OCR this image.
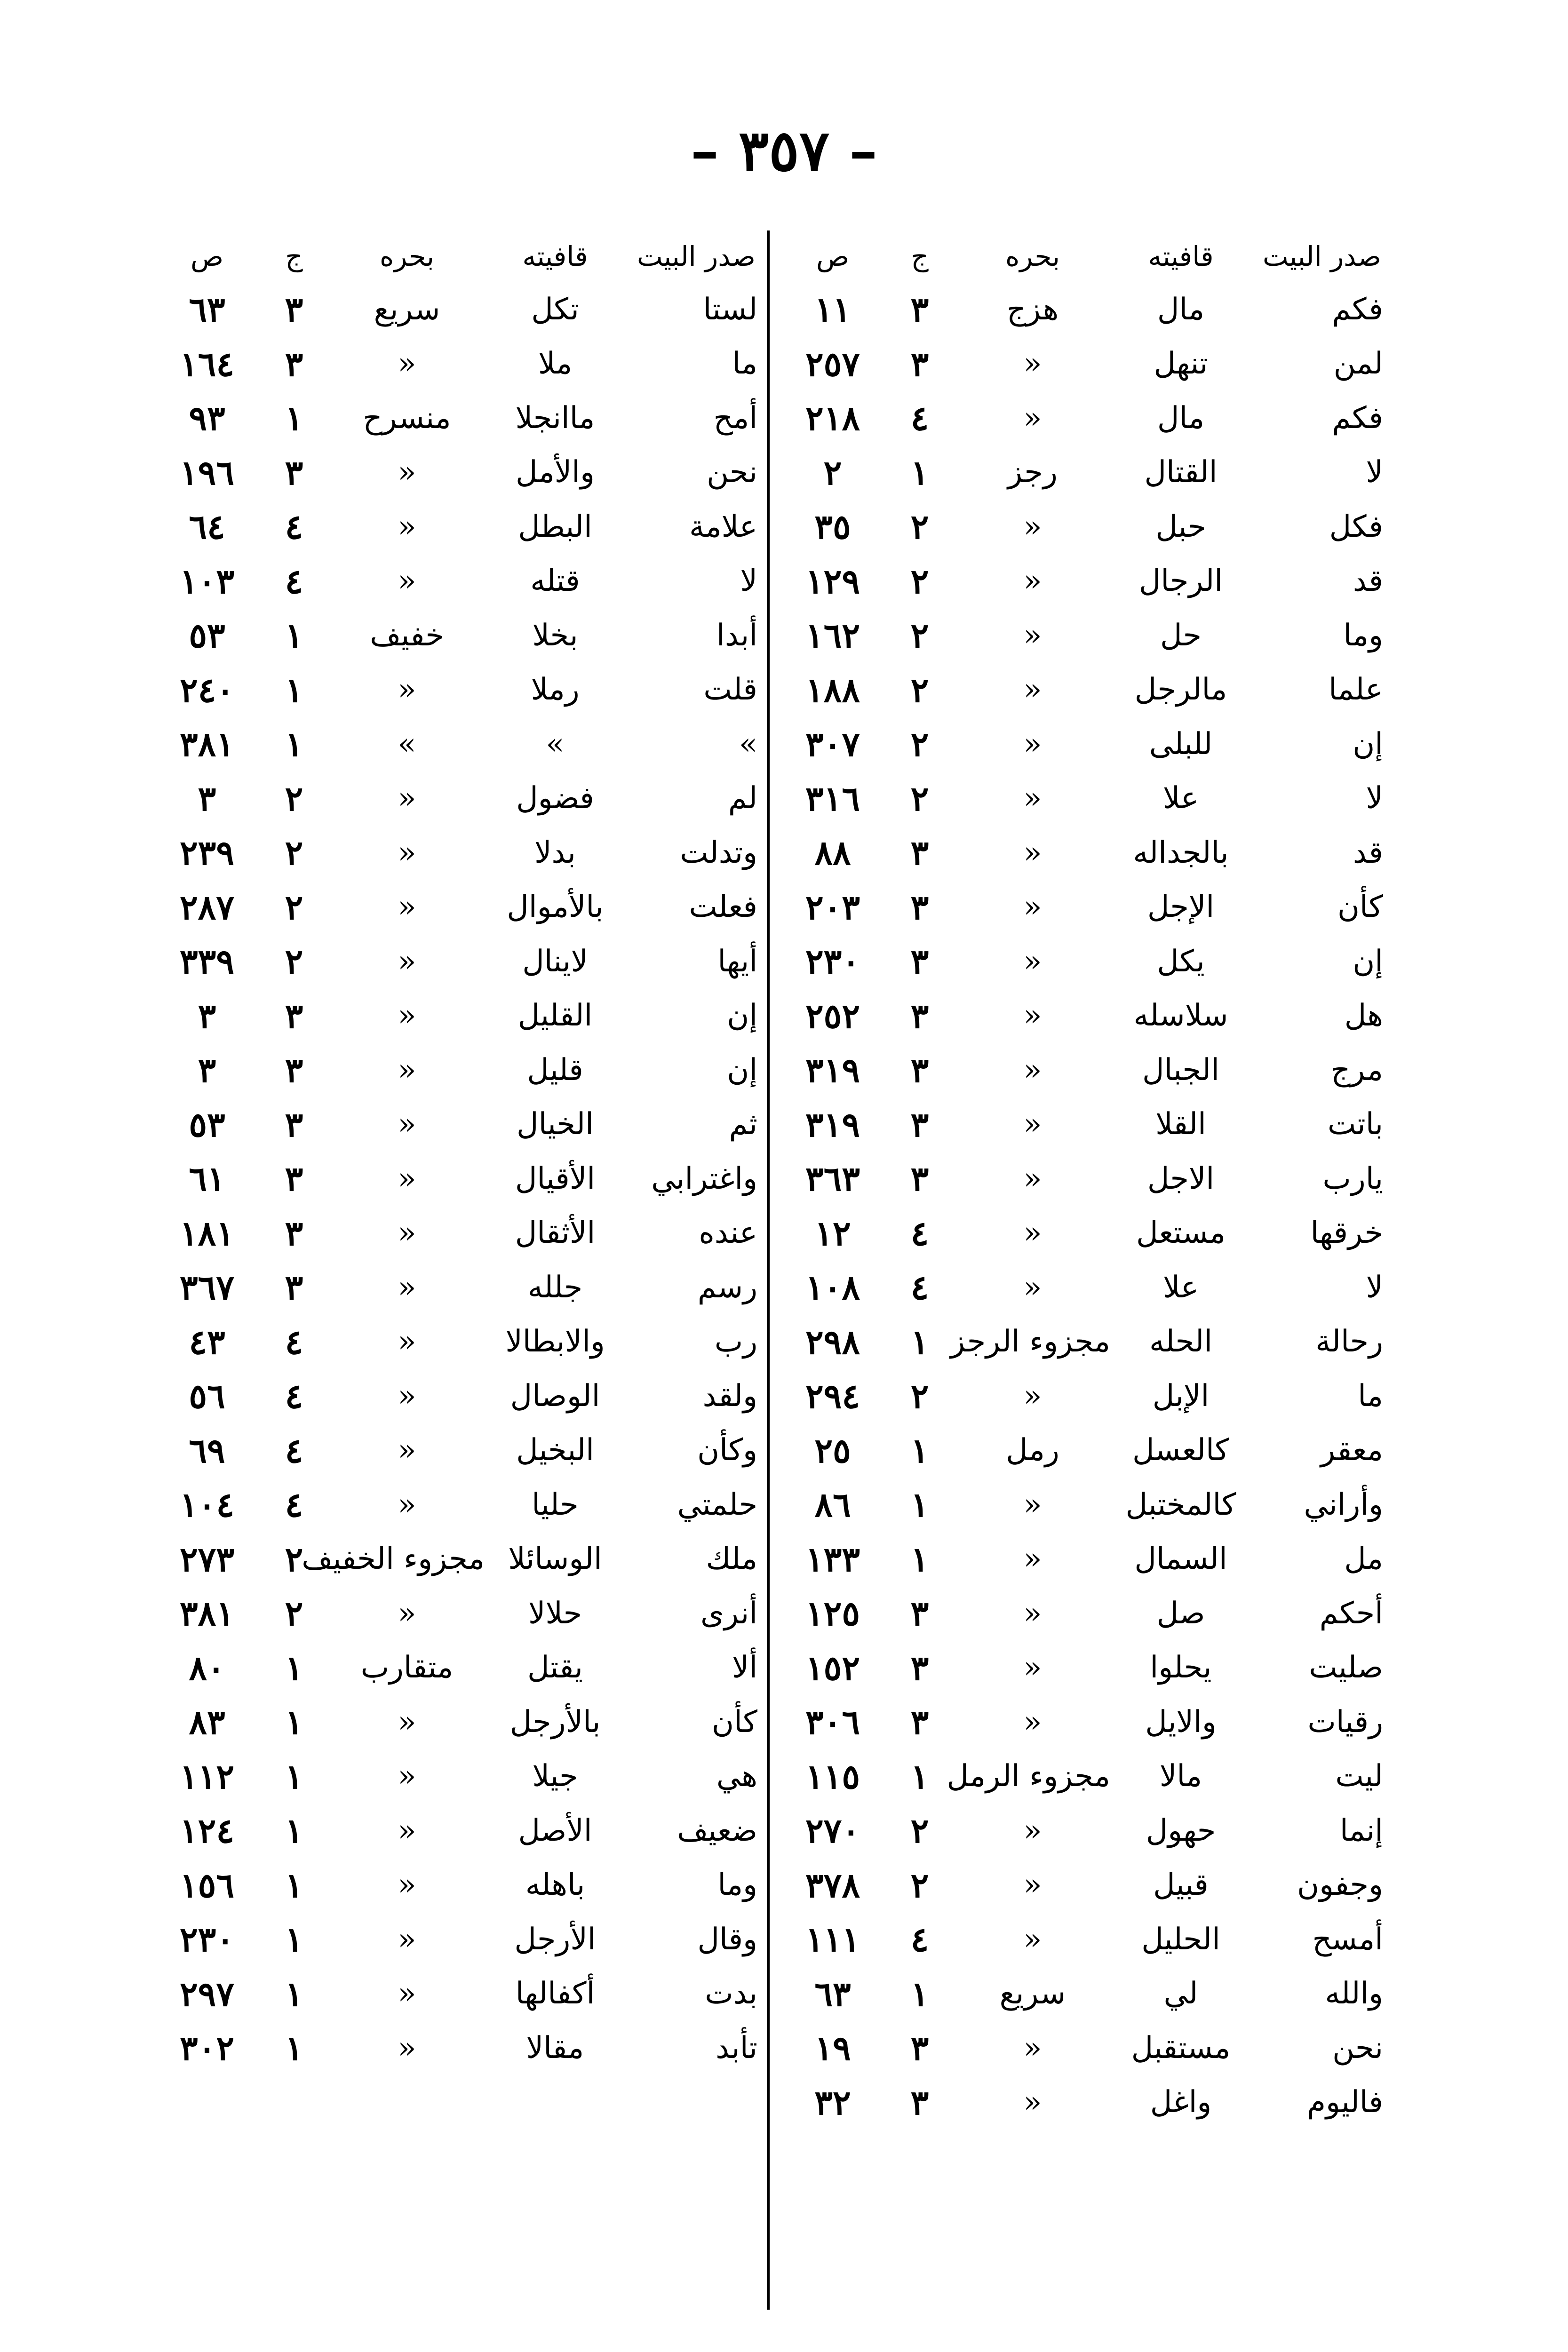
– ٣٥٧ –
صدر البيت	قافيته	بحره	ج	ص
فكم	مال	هزج	٣	١١
لمن	تنهل	«	٣	٢٥٧
فكم	مال	«	٤	٢١٨
لا	القتال	رجز	١	٢
فكل	حبل	«	٢	٣٥
قد	الرجال	«	٢	١٢٩
وما	حل	«	٢	١٦٢
علما	مالرجل	«	٢	١٨٨
إن	للبلى	«	٢	٣٠٧
لا	علا	«	٢	٣١٦
قد	بالجداله	«	٣	٨٨
كأن	الإجل	«	٣	٢٠٣
إن	يكل	«	٣	٢٣٠
هل	سلاسله	«	٣	٢٥٢
مرج	الجبال	«	٣	٣١٩
باتت	القلا	«	٣	٣١٩
يارب	الاجل	«	٣	٣٦٣
خرقها	مستعل	«	٤	١٢
لا	علا	«	٤	١٠٨
رحالة	الحله	مجزوء الرجز	١	٢٩٨
ما	الإبل	«	٢	٢٩٤
معقر	كالعسل	رمل	١	٢٥
وأراني	كالمختبل	«	١	٨٦
مل	السمال	«	١	١٣٣
أحكم	صل	«	٣	١٢٥
صليت	يحلوا	«	٣	١٥٢
رقيات	والايل	«	٣	٣٠٦
ليت	مالا	مجزوء الرمل	١	١١٥
إنما	حهول	«	٢	٢٧٠
وجفون	قبيل	«	٢	٣٧٨
أمسح	الحليل	«	٤	١١١
والله	لي	سريع	١	٦٣
نحن	مستقبل	«	٣	١٩
فاليوم	واغل	«	٣	٣٢
صدر البيت	قافيته	بحره	ج	ص
لستا	تكل	سريع	٣	٦٣
ما	ملا	«	٣	١٦٤
أمح	ماانجلا	منسرح	١	٩٣
نحن	والأمل	«	٣	١٩٦
علامة	البطل	«	٤	٦٤
لا	قتله	«	٤	١٠٣
أبدا	بخلا	خفيف	١	٥٣
قلت	رملا	«	١	٢٤٠
»	»	»	١	٣٨١
لم	فضول	«	٢	٣
وتدلت	بدلا	«	٢	٢٣٩
فعلت	بالأموال	«	٢	٢٨٧
أيها	لاينال	«	٢	٣٣٩
إن	القليل	«	٣	٣
إن	قليل	«	٣	٣
ثم	الخيال	«	٣	٥٣
واغترابي	الأقيال	«	٣	٦١
عنده	الأثقال	«	٣	١٨١
رسم	جلله	«	٣	٣٦٧
رب	والابطالا	«	٤	٤٣
ولقد	الوصال	«	٤	٥٦
وكأن	البخيل	«	٤	٦٩
حلمتي	حليا	«	٤	١٠٤
ملك	الوسائلا	مجزوء الخفيف	٢	٢٧٣
أنرى	حلالا	«	٢	٣٨١
ألا	يقتل	متقارب	١	٨٠
كأن	بالأرجل	«	١	٨٣
هي	جيلا	«	١	١١٢
ضعيف	الأصل	«	١	١٢٤
وما	باهله	«	١	١٥٦
وقال	الأرجل	«	١	٢٣٠
بدت	أكفالها	«	١	٢٩٧
تأبد	مقالا	«	١	٣٠٢
